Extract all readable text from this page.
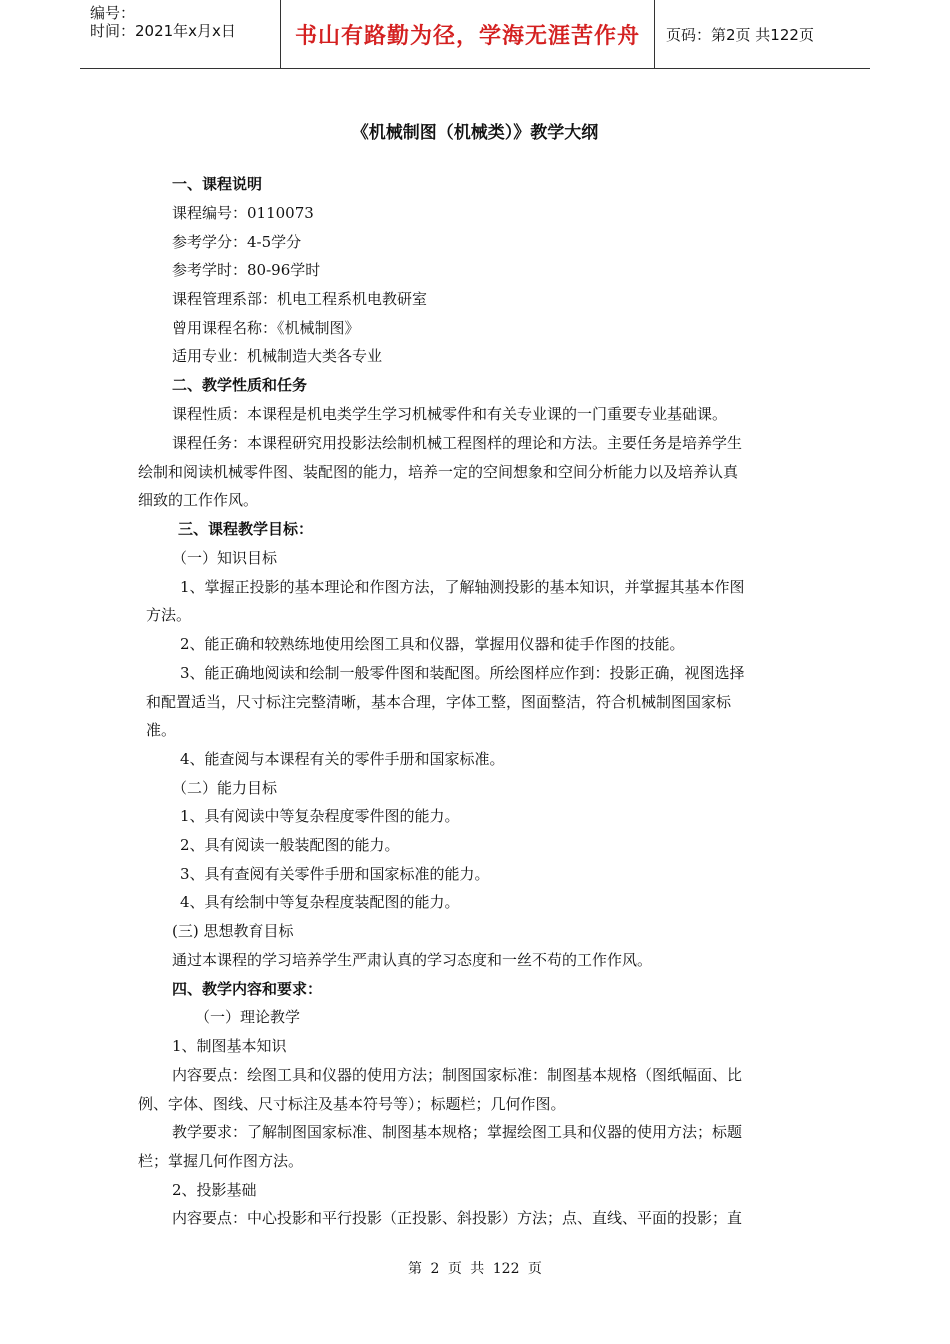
编号：
时间：2021年x月x日	书山有路勤为径，学海无涯苦作舟	页码：第2页 共122页
《机械制图（机械类）》教学大纲
一、课程说明
课程编号：0110073
参考学分：4-5学分
参考学时：80-96学时
课程管理系部：机电工程系机电教研室
曾用课程名称：《机械制图》
适用专业：机械制造大类各专业
二、教学性质和任务
课程性质：本课程是机电类学生学习机械零件和有关专业课的一门重要专业基础课。
课程任务：本课程研究用投影法绘制机械工程图样的理论和方法。主要任务是培养学生
绘制和阅读机械零件图、装配图的能力，培养一定的空间想象和空间分析能力以及培养认真
细致的工作作风。
三、课程教学目标：
（一）知识目标
1、掌握正投影的基本理论和作图方法，了解轴测投影的基本知识，并掌握其基本作图
方法。
2、能正确和较熟练地使用绘图工具和仪器，掌握用仪器和徒手作图的技能。
3、能正确地阅读和绘制一般零件图和装配图。所绘图样应作到：投影正确，视图选择
和配置适当，尺寸标注完整清晰，基本合理，字体工整，图面整洁，符合机械制图国家标
准。
4、能查阅与本课程有关的零件手册和国家标准。
（二）能力目标
1、具有阅读中等复杂程度零件图的能力。
2、具有阅读一般装配图的能力。
3、具有查阅有关零件手册和国家标准的能力。
4、具有绘制中等复杂程度装配图的能力。
(三) 思想教育目标
通过本课程的学习培养学生严肃认真的学习态度和一丝不苟的工作作风。
四、教学内容和要求：
（一）理论教学
1、制图基本知识
内容要点：绘图工具和仪器的使用方法；制图国家标准：制图基本规格（图纸幅面、比
例、字体、图线、尺寸标注及基本符号等）；标题栏；几何作图。
教学要求：了解制图国家标准、制图基本规格；掌握绘图工具和仪器的使用方法；标题
栏；掌握几何作图方法。
2、投影基础
内容要点：中心投影和平行投影（正投影、斜投影）方法；点、直线、平面的投影；直
第 2 页 共 122 页
